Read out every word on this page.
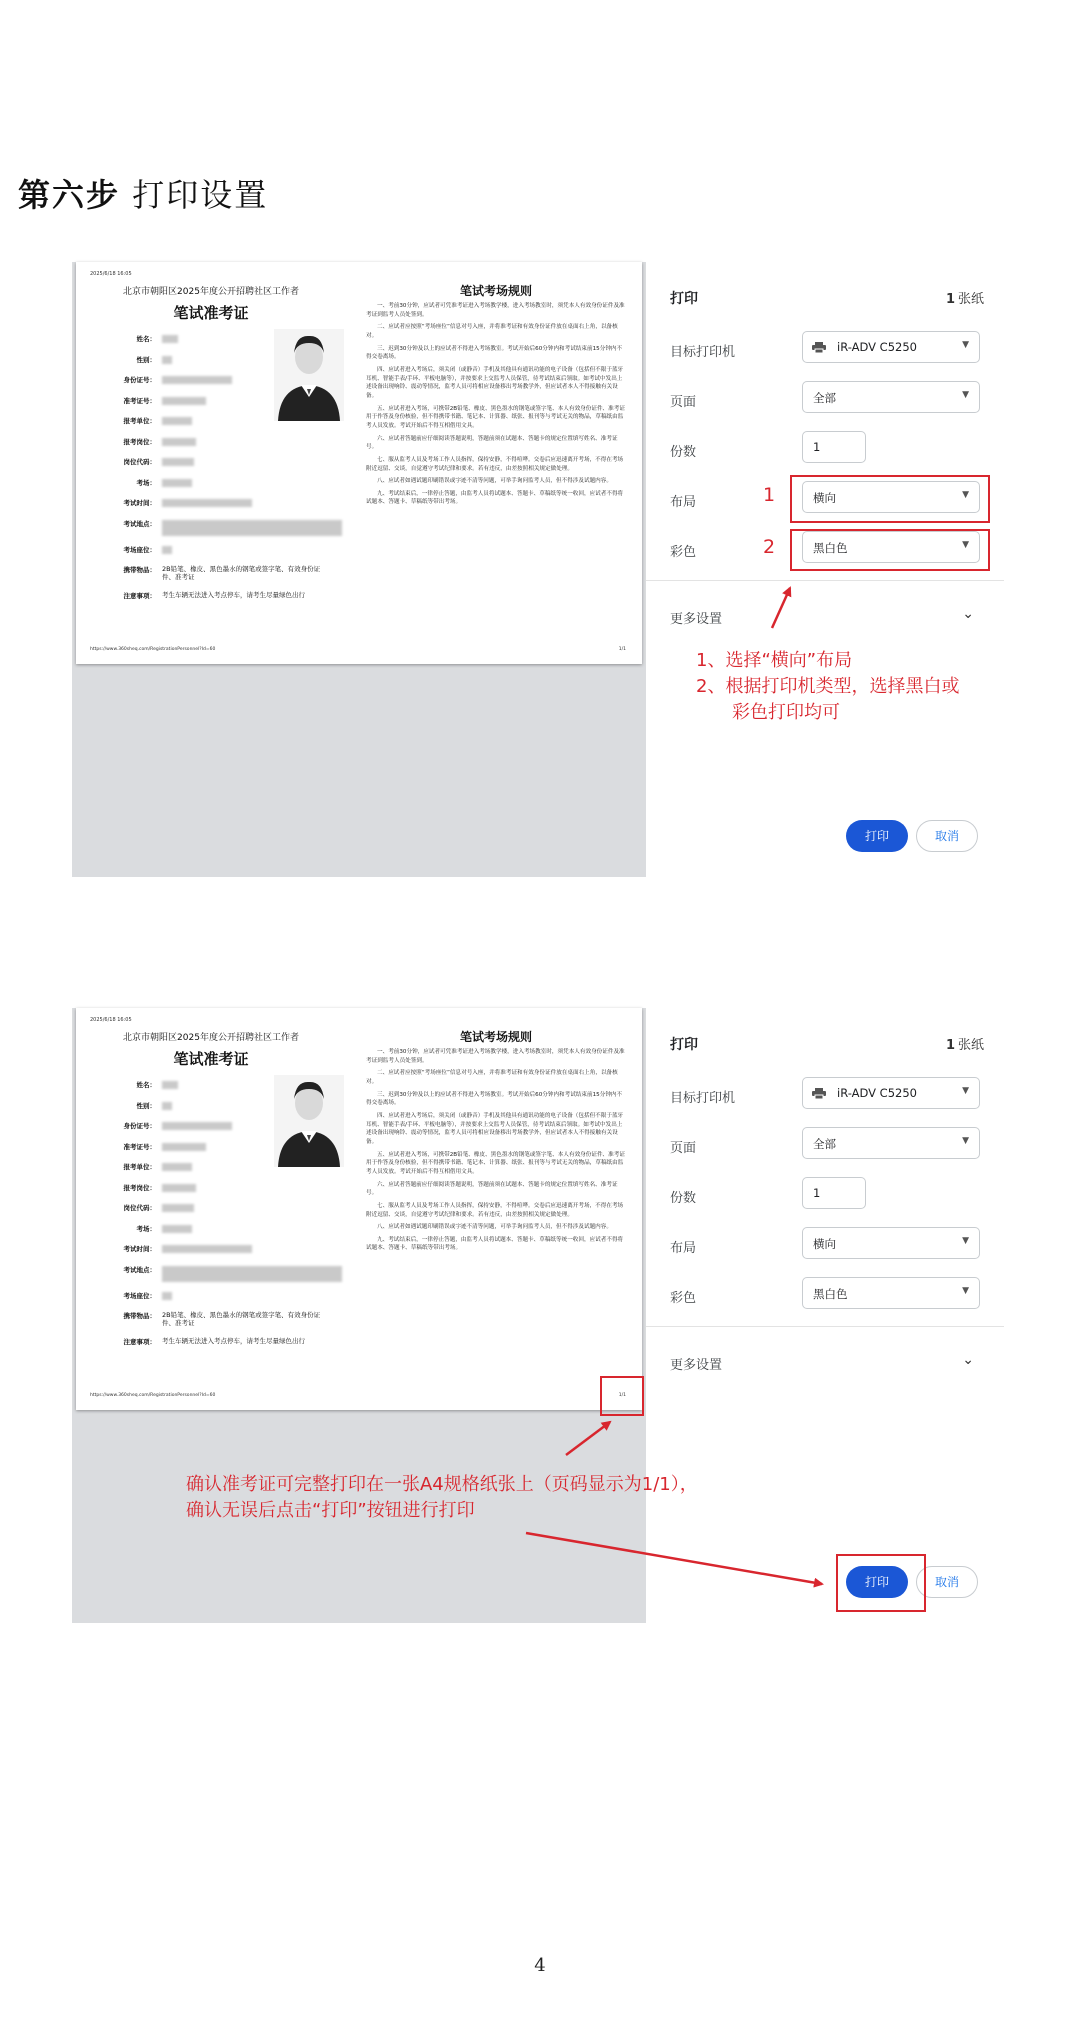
第六步 打印设置
2025/6/18 16:05
北京市朝阳区2025年度公开招聘社区工作者
笔试准考证
姓名：
性别：
身份证号：
准考证号：
报考单位：
报考岗位：
岗位代码：
考场：
考试时间：
考试地点：
考场座位：
携带物品： 2B铅笔、橡皮、黑色墨水的钢笔或签字笔、有效身份证件、准考证
注意事项： 考生车辆无法进入考点停车，请考生尽量绿色出行
笔试考场规则

一、考前30分钟，应试者可凭准考证进入考场教学楼，进入考场教室时，须凭本人有效身份证件及准考证到监考人员处签到。

二、应试者应按照“考场座位”信息对号入座，并将准考证和有效身份证件放在桌面右上角，以备核对。

三、迟到30分钟及以上的应试者不得进入考场教室。考试开始后60分钟内和考试结束前15分钟内不得交卷离场。

四、应试者进入考场后，须关闭（或静音）手机及其他具有通讯功能的电子设备（包括但不限于蓝牙耳机、智能手表/手环、平板电脑等），并按要求上交监考人员保管，待考试结束后领取。如考试中发出上述设备出现响铃、震动等情况，监考人员可将相应设备移出考场教学外，但应试者本人不得接触有关设备。

五、应试者进入考场，可携带2B铅笔、橡皮、黑色墨水的钢笔或签字笔、本人有效身份证件、准考证用于作答及身份核验，但不得携带书籍、笔记本、计算器、纸张、报刊等与考试无关的物品，草稿纸由监考人员发放。考试开始后不得互相借用文具。

六、应试者答题前应仔细阅读答题说明，答题前须在试题本、答题卡的规定位置填写姓名、准考证号。

七、服从监考人员及考场工作人员指挥，保持安静，不得喧哗。交卷后应迅速离开考场，不得在考场附近逗留、交谈，自觉遵守考试纪律和要求。若有违反，由差按照相关规定做处理。

八、应试者如遇试题印刷错误或字迹不清等问题，可举手询问监考人员，但不得涉及试题内容。

九、考试结束后，一律停止答题，由监考人员将试题本、答题卡、草稿纸等统一收回，应试者不得将试题本、答题卡、草稿纸等带出考场。

https://www.360sheq.com/RegistrationPersonnel?Id=60	1/1
打印	1 张纸
目标打印机	iR-ADV C5250	▼
页面	全部	▼
份数	1
布局	横向	▼
彩色	黑白色	▼
更多设置	⌄
打印	取消
2025/6/18 16:05
北京市朝阳区2025年度公开招聘社区工作者
笔试准考证
姓名：
性别：
身份证号：
准考证号：
报考单位：
报考岗位：
岗位代码：
考场：
考试时间：
考试地点：
考场座位：
携带物品： 2B铅笔、橡皮、黑色墨水的钢笔或签字笔、有效身份证件、准考证
注意事项： 考生车辆无法进入考点停车，请考生尽量绿色出行
笔试考场规则

一、考前30分钟，应试者可凭准考证进入考场教学楼，进入考场教室时，须凭本人有效身份证件及准考证到监考人员处签到。

二、应试者应按照“考场座位”信息对号入座，并将准考证和有效身份证件放在桌面右上角，以备核对。

三、迟到30分钟及以上的应试者不得进入考场教室。考试开始后60分钟内和考试结束前15分钟内不得交卷离场。

四、应试者进入考场后，须关闭（或静音）手机及其他具有通讯功能的电子设备（包括但不限于蓝牙耳机、智能手表/手环、平板电脑等），并按要求上交监考人员保管，待考试结束后领取。如考试中发出上述设备出现响铃、震动等情况，监考人员可将相应设备移出考场教学外，但应试者本人不得接触有关设备。

五、应试者进入考场，可携带2B铅笔、橡皮、黑色墨水的钢笔或签字笔、本人有效身份证件、准考证用于作答及身份核验，但不得携带书籍、笔记本、计算器、纸张、报刊等与考试无关的物品，草稿纸由监考人员发放。考试开始后不得互相借用文具。

六、应试者答题前应仔细阅读答题说明，答题前须在试题本、答题卡的规定位置填写姓名、准考证号。

七、服从监考人员及考场工作人员指挥，保持安静，不得喧哗。交卷后应迅速离开考场，不得在考场附近逗留、交谈，自觉遵守考试纪律和要求。若有违反，由差按照相关规定做处理。

八、应试者如遇试题印刷错误或字迹不清等问题，可举手询问监考人员，但不得涉及试题内容。

九、考试结束后，一律停止答题，由监考人员将试题本、答题卡、草稿纸等统一收回，应试者不得将试题本、答题卡、草稿纸等带出考场。

https://www.360sheq.com/RegistrationPersonnel?Id=60	1/1
打印	1 张纸
目标打印机	iR-ADV C5250	▼
页面	全部	▼
份数	1
布局	横向	▼
彩色	黑白色	▼
更多设置	⌄
打印	取消
1
2
1、选择“横向”布局
2、根据打印机类型，选择黑白或
彩色打印均可
确认准考证可完整打印在一张A4规格纸张上（页码显示为1/1），
确认无误后点击“打印”按钮进行打印
4
